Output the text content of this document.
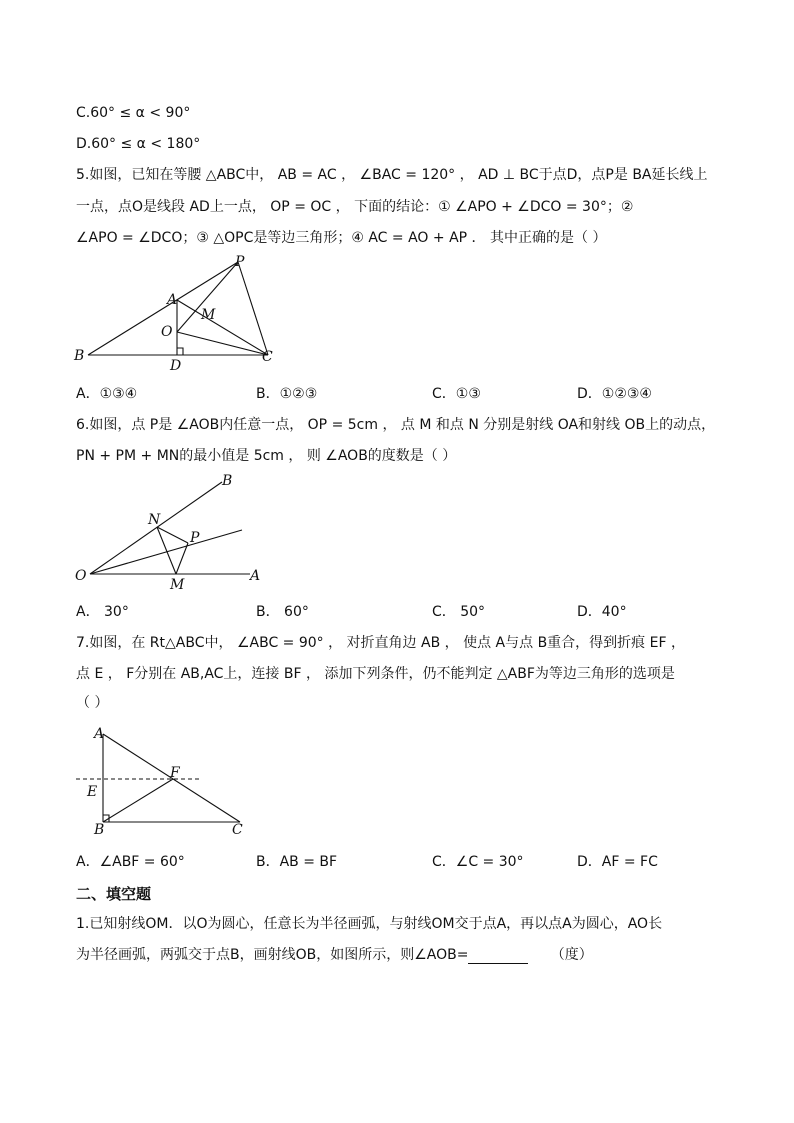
C.60° ≤ α < 90°
D.60° ≤ α < 180°
5.如图，已知在等腰 △ABC中， AB = AC ， ∠BAC = 120° ， AD ⊥ BC于点D，点P是 BA延长线上
一点，点O是线段 AD上一点， OP = OC ， 下面的结论：① ∠APO + ∠DCO = 30°；②
∠APO = ∠DCO；③ △OPC是等边三角形；④ AC = AO + AP ． 其中正确的是（ ）
P
A
M
O
B
D
C
A．①③④	B．①②③	C．①③	D．①②③④
6.如图，点 P是 ∠AOB内任意一点， OP = 5cm ， 点 M 和点 N 分别是射线 OA和射线 OB上的动点，
PN + PM + MN的最小值是 5cm ， 则 ∠AOB的度数是（ ）
B
N
P
O
M
A
A． 30°	B． 60°	C． 50°	D．40°
7.如图，在 Rt△ABC中， ∠ABC = 90° ， 对折直角边 AB ， 使点 A与点 B重合，得到折痕 EF ，
点 E ， F分别在 AB,AC上，连接 BF ， 添加下列条件，仍不能判定 △ABF为等边三角形的选项是
（ ）
A
F
E
B	C
A．∠ABF = 60°	B．AB = BF	C．∠C = 30°	D．AF = FC
二、填空题
1.已知射线OM．以O为圆心，任意长为半径画弧，与射线OM交于点A，再以点A为圆心，AO长
为半径画弧，两弧交于点B，画射线OB，如图所示，则∠AOB=	（度）
